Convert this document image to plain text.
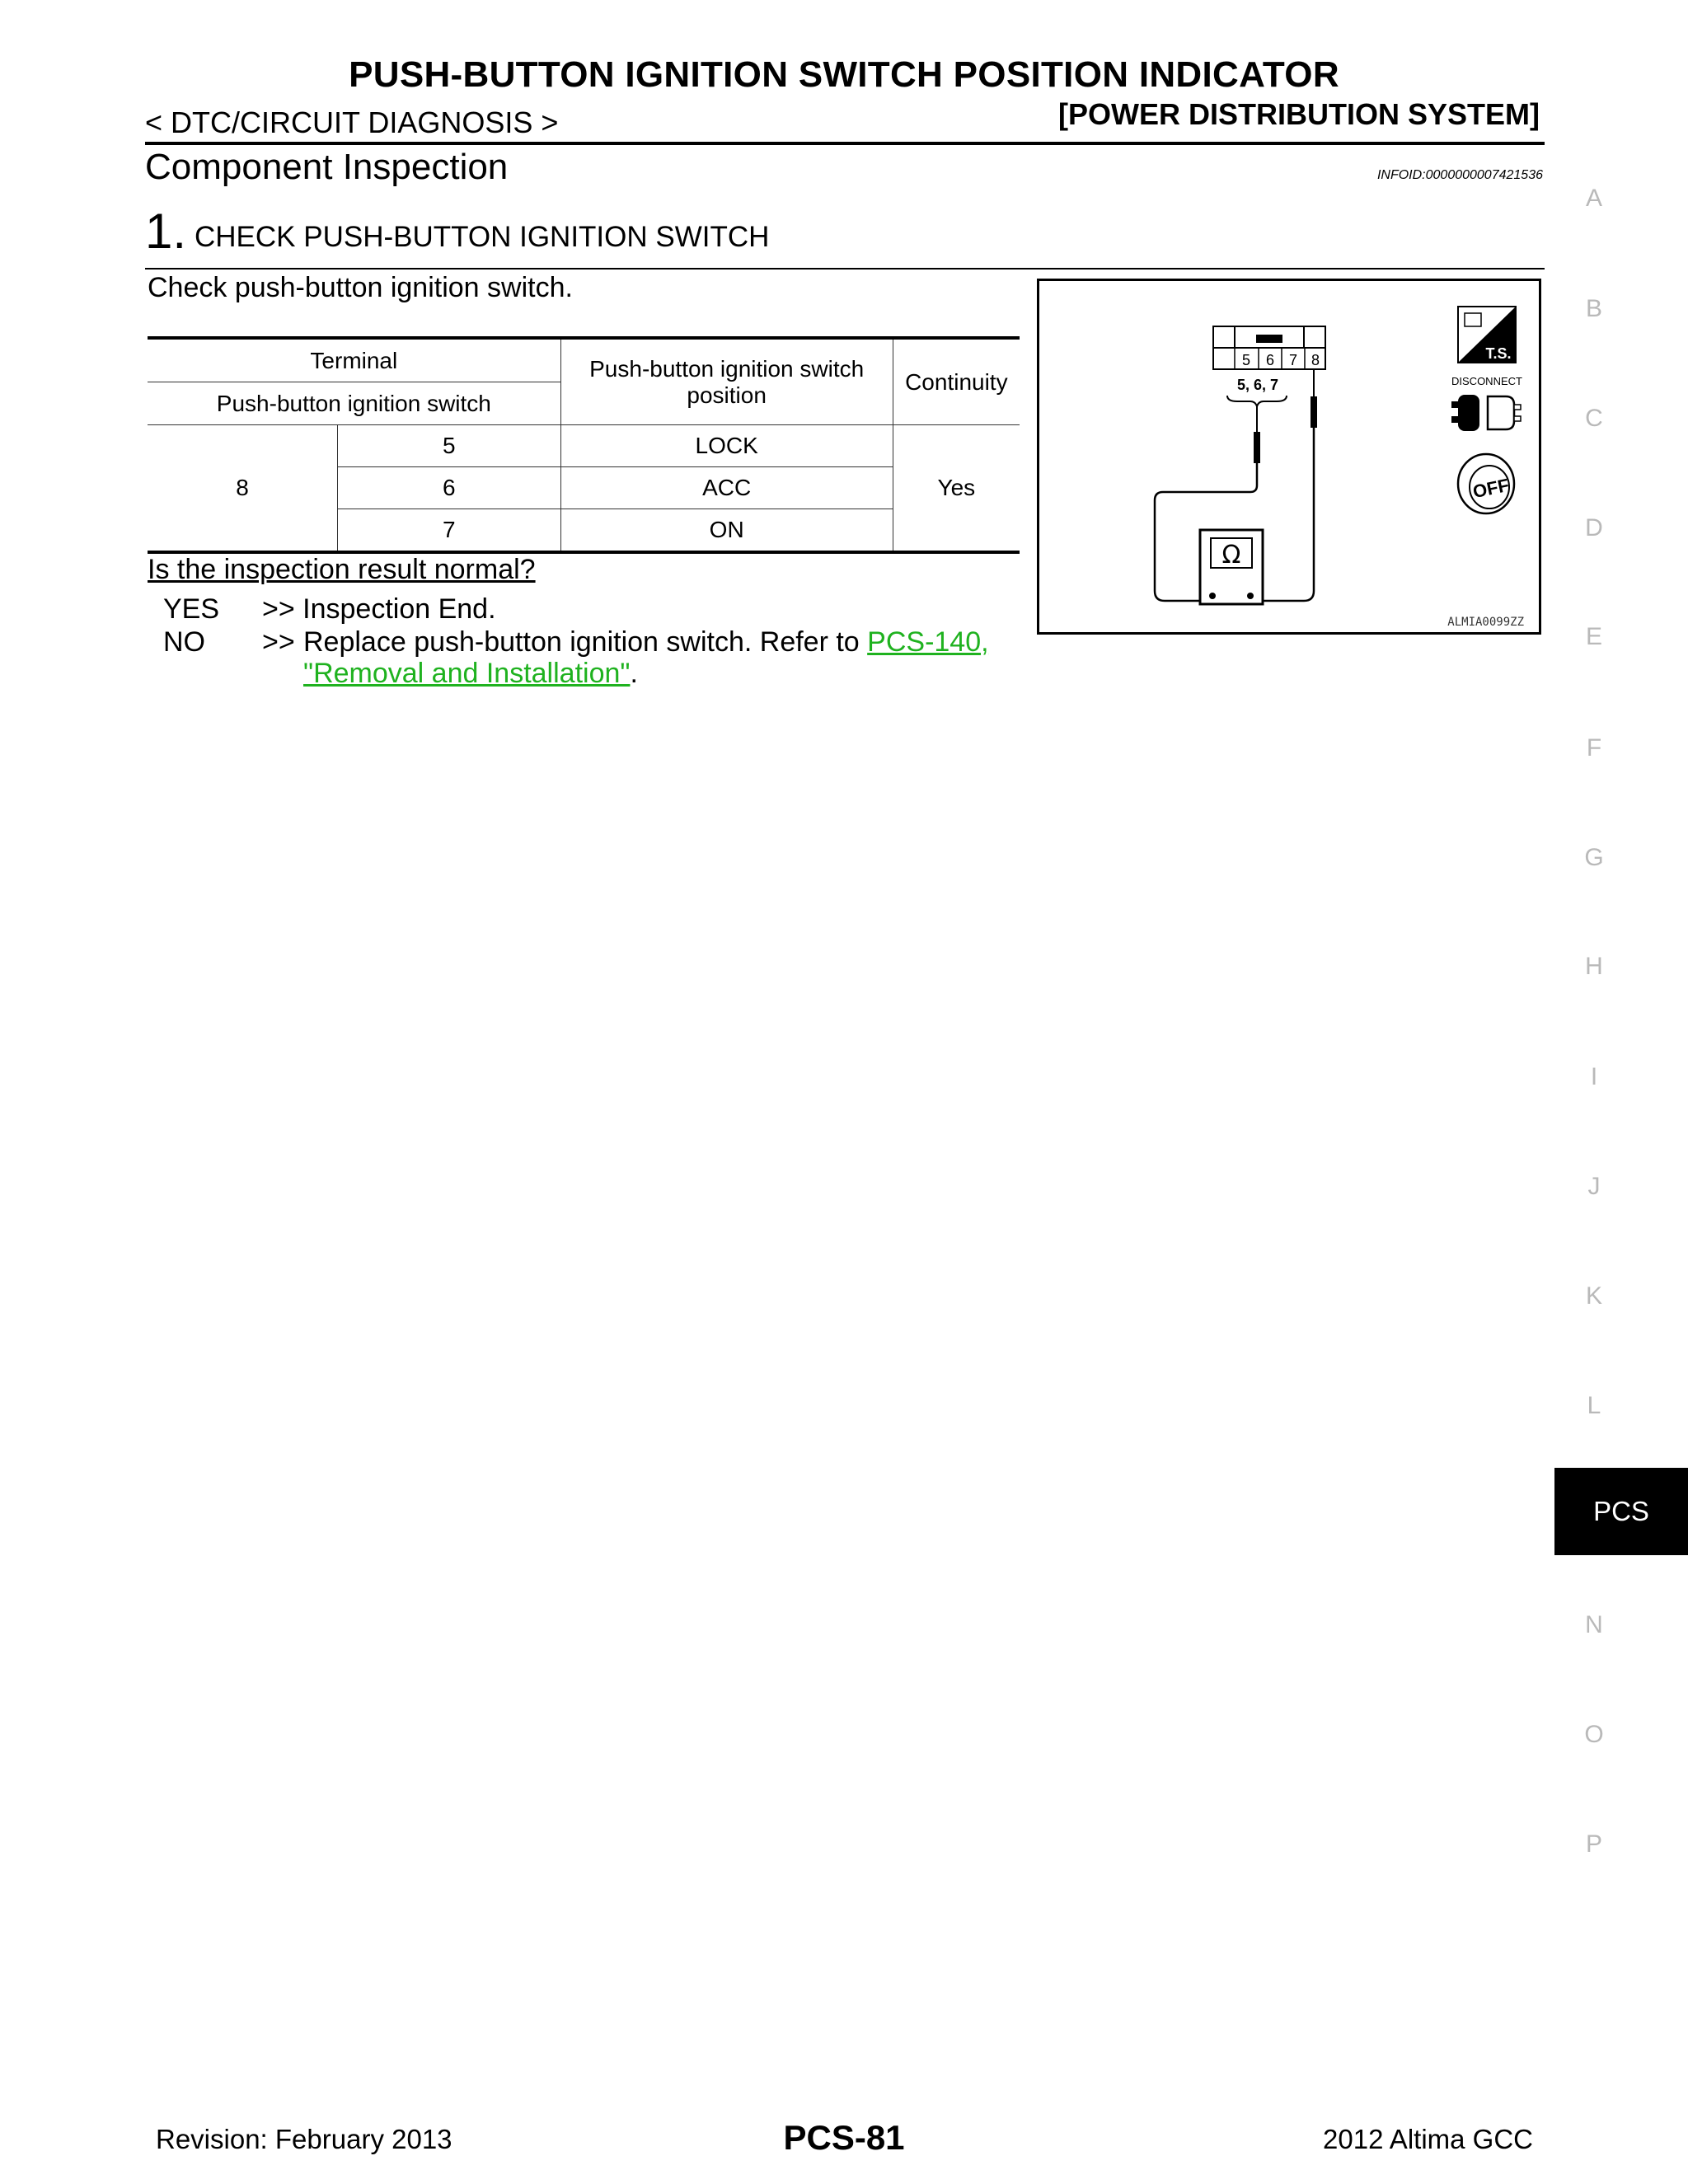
PUSH-BUTTON IGNITION SWITCH POSITION INDICATOR
< DTC/CIRCUIT DIAGNOSIS >	[POWER DISTRIBUTION SYSTEM]
Component Inspection	INFOID:0000000007421536
1. CHECK PUSH-BUTTON IGNITION SWITCH
Check push-button ignition switch.
Terminal		Push-button ignition switch position	Continuity
Push-button ignition switch			
8	5	LOCK	Yes
	6	ACC	
	7	ON	
Is the inspection result normal?
YES >> Inspection End.
NO >> Replace push-button ignition switch. Refer to PCS-140,
"Removal and Installation".
5 6 7 8
5, 6, 7
Ω
T.S.
DISCONNECT
OFF
ALMIA0099ZZ
A
B
C
D
E
F
G
H
I
J
K
L
PCS
N
O
P
Revision: February 2013	PCS-81	2012 Altima GCC
